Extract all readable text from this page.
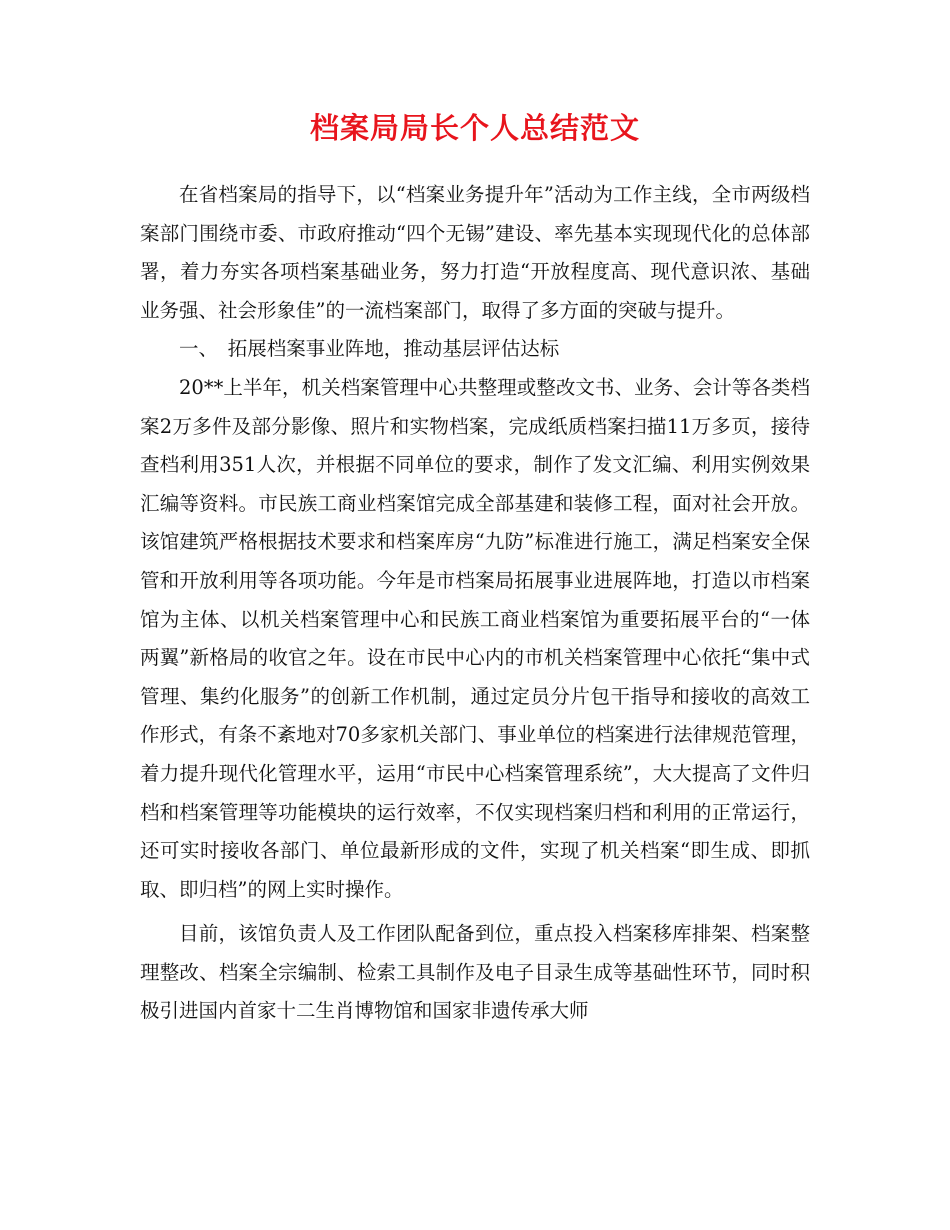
档案局局长个人总结范文

在省档案局的指导下，以“档案业务提升年”活动为工作主线，全市两级档案部门围绕市委、市政府推动“四个无锡”建设、率先基本实现现代化的总体部署，着力夯实各项档案基础业务，努力打造“开放程度高、现代意识浓、基础业务强、社会形象佳”的一流档案部门，取得了多方面的突破与提升。

一、　拓展档案事业阵地，推动基层评估达标

20**上半年，机关档案管理中心共整理或整改文书、业务、会计等各类档案2万多件及部分影像、照片和实物档案，完成纸质档案扫描11万多页，接待查档利用351人次，并根据不同单位的要求，制作了发文汇编、利用实例效果汇编等资料。市民族工商业档案馆完成全部基建和装修工程，面对社会开放。该馆建筑严格根据技术要求和档案库房“九防”标准进行施工，满足档案安全保管和开放利用等各项功能。今年是市档案局拓展事业进展阵地，打造以市档案馆为主体、以机关档案管理中心和民族工商业档案馆为重要拓展平台的“一体两翼”新格局的收官之年。设在市民中心内的市机关档案管理中心依托“集中式管理、集约化服务”的创新工作机制，通过定员分片包干指导和接收的高效工作形式，有条不紊地对70多家机关部门、事业单位的档案进行法律规范管理，着力提升现代化管理水平，运用“市民中心档案管理系统”，大大提高了文件归档和档案管理等功能模块的运行效率，不仅实现档案归档和利用的正常运行，还可实时接收各部门、单位最新形成的文件，实现了机关档案“即生成、即抓取、即归档”的网上实时操作。

目前，该馆负责人及工作团队配备到位，重点投入档案移库排架、档案整理整改、档案全宗编制、检索工具制作及电子目录生成等基础性环节，同时积极引进国内首家十二生肖博物馆和国家非遗传承大师
